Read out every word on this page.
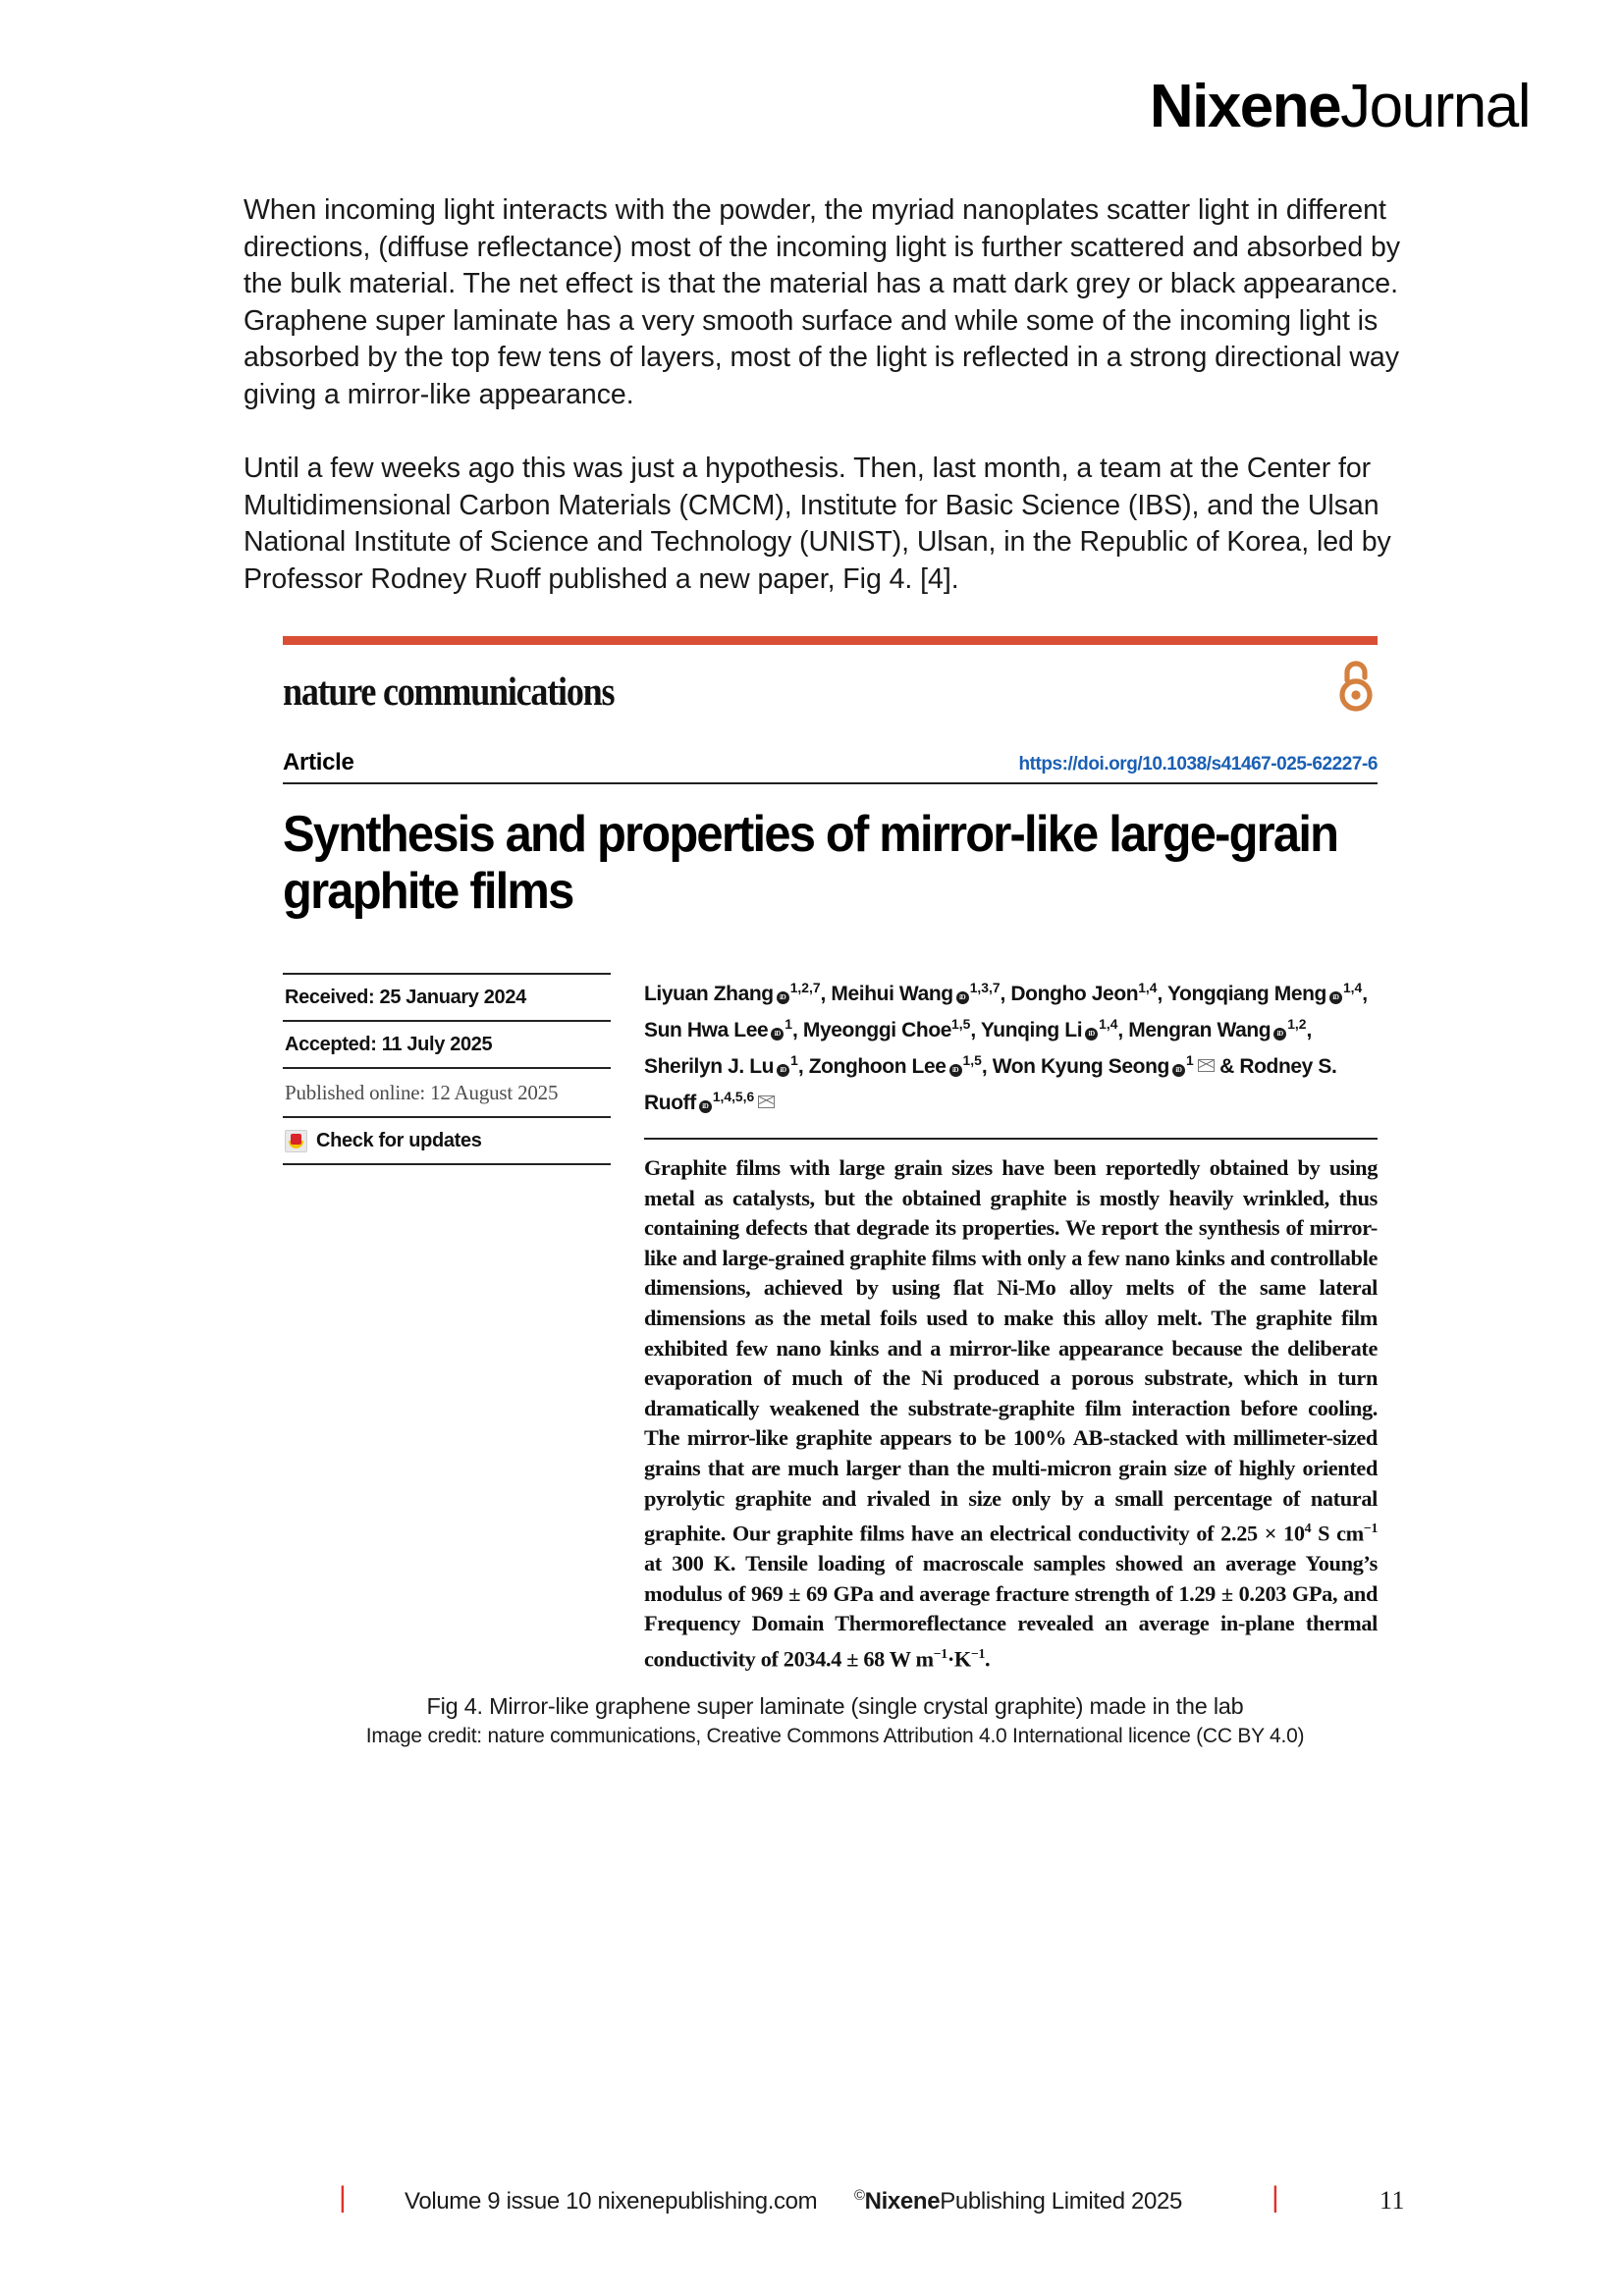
NixeneJournal

When incoming light interacts with the powder, the myriad nanoplates scatter light in different directions, (diffuse reflectance) most of the incoming light is further scattered and absorbed by the bulk material. The net effect is that the material has a matt dark grey or black appearance. Graphene super laminate has a very smooth surface and while some of the incoming light is absorbed by the top few tens of layers, most of the light is reflected in a strong directional way giving a mirror-like appearance.

Until a few weeks ago this was just a hypothesis. Then, last month, a team at the Center for Multidimensional Carbon Materials (CMCM), Institute for Basic Science (IBS), and the Ulsan National Institute of Science and Technology (UNIST), Ulsan, in the Republic of Korea, led by Professor Rodney Ruoff published a new paper, Fig 4. [4].

nature communications
Article	https://doi.org/10.1038/s41467-025-62227-6
Synthesis and properties of mirror-like large-grain graphite films
Received: 25 January 2024
Accepted: 11 July 2025
Published online: 12 August 2025
Check for updates
Liyuan Zhang iD$^{1,2,7}$, Meihui Wang iD$^{1,3,7}$, Dongho Jeon$^{1,4}$, Yongqiang Meng iD$^{1,4}$, Sun Hwa Lee $iD^1$, Myeonggi Choe$^{1,5}$, Yunqing Li iD$^{1,4}$, Mengran Wang iD$^{1,2}$, Sherilyn J. Lu $iD^1$, Zonghoon Lee iD$^{1,5}$, Won Kyung Seong $iD^1$ & Rodney S. Ruoff iD$^{1,4,5,6}$
Graphite films with large grain sizes have been reportedly obtained by using metal as catalysts, but the obtained graphite is mostly heavily wrinkled, thus containing defects that degrade its properties. We report the synthesis of mirror-like and large-grained graphite films with only a few nano kinks and controllable dimensions, achieved by using flat Ni-Mo alloy melts of the same lateral dimensions as the metal foils used to make this alloy melt. The graphite film exhibited few nano kinks and a mirror-like appearance because the deliberate evaporation of much of the Ni produced a porous substrate, which in turn dramatically weakened the substrate-graphite film interaction before cooling. The mirror-like graphite appears to be 100% AB-stacked with millimeter-sized grains that are much larger than the multi-micron grain size of highly oriented pyrolytic graphite and rivaled in size only by a small percentage of natural graphite. Our graphite films have an electrical conductivity of $2.25 \times 10^4$ S $cm^{-1}$ at 300 K. Tensile loading of macroscale samples showed an average Young’s modulus of 969 ± 69 GPa and average fracture strength of 1.29 ± 0.203 GPa, and Frequency Domain Thermoreflectance revealed an average in-plane thermal conductivity of 2034.4 ± 68 W $m^{-1}\cdot K^{-1}$.
Fig 4. Mirror-like graphene super laminate (single crystal graphite) made in the lab
Image credit: nature communications, Creative Commons Attribution 4.0 International licence (CC BY 4.0)
| Volume 9 issue 10 nixenepublishing.com	©NixenePublishing Limited 2025	|	11
